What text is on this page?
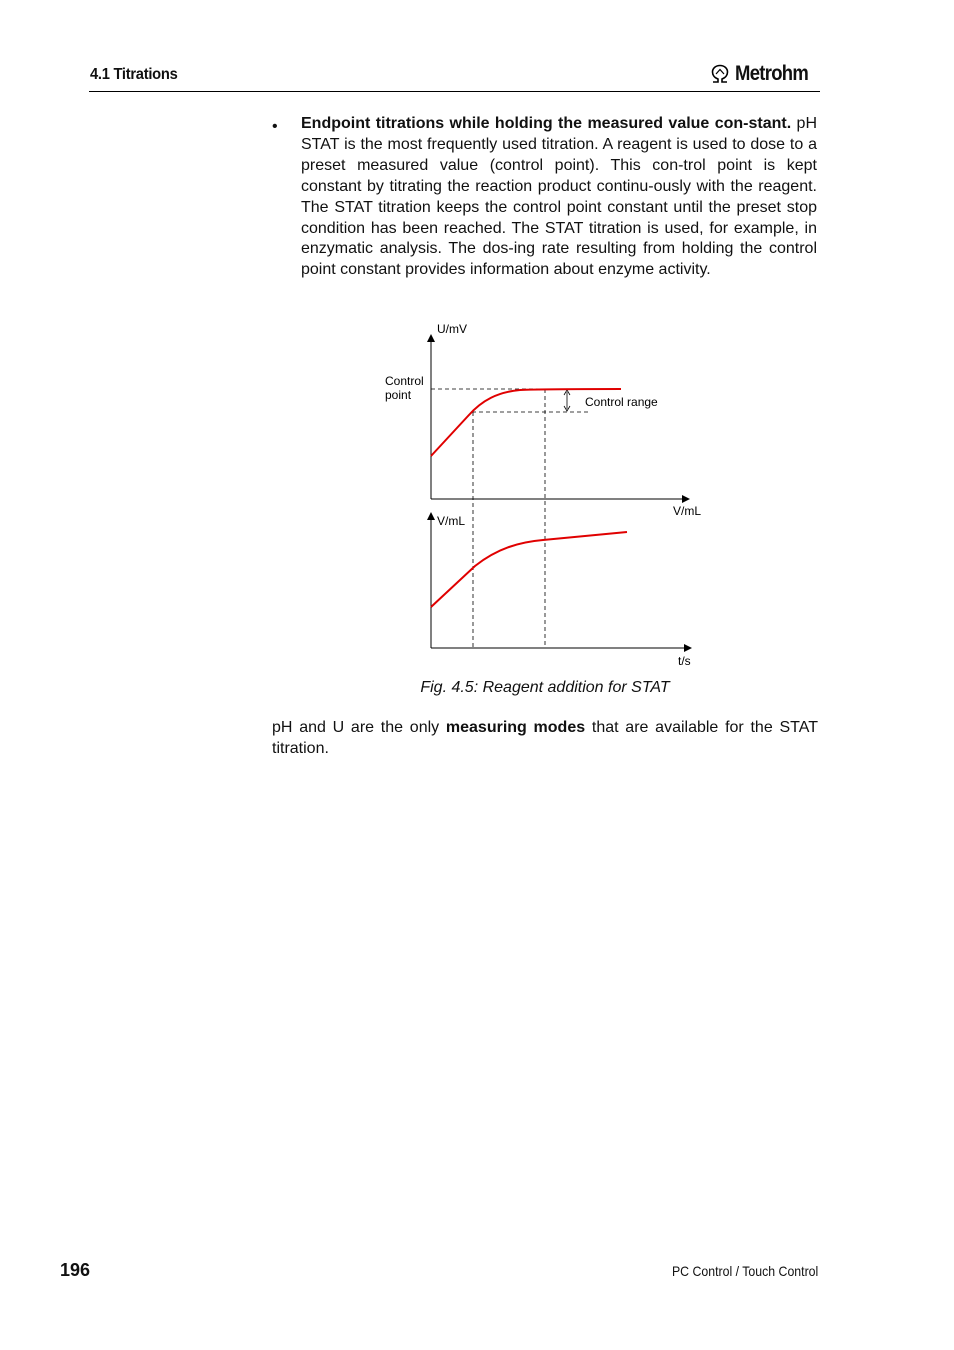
4.1 Titrations	Metrohm
• Endpoint titrations while holding the measured value con-stant. pH STAT is the most frequently used titration. A reagent is used to dose to a preset measured value (control point). This con-trol point is kept constant by titrating the reaction product continu-ously with the reagent. The STAT titration keeps the control point constant until the preset stop condition has been reached. The STAT titration is used, for example, in enzymatic analysis. The dos-ing rate resulting from holding the control point constant provides information about enzyme activity.
U/mV
Control
point	Control range
V/mL
V/mL
t/s
Fig. 4.5: Reagent addition for STAT
pH and U are the only measuring modes that are available for the STAT titration.
196	PC Control / Touch Control
